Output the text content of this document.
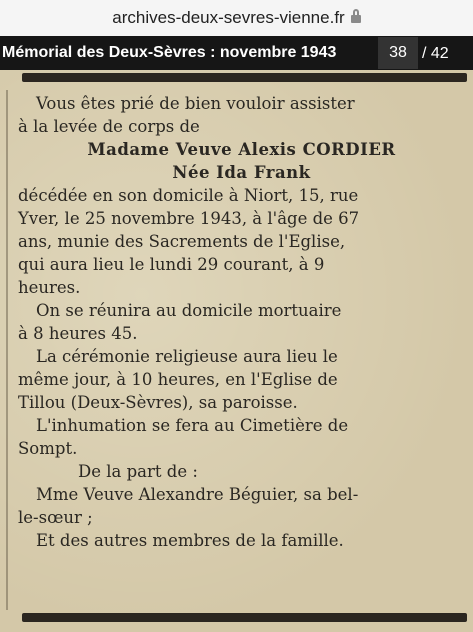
archives-deux-sevres-vienne.fr
Mémorial des Deux-Sèvres : novembre 1943	38 / 42
Vous êtes prié de bien vouloir assister
à la levée de corps de
Madame Veuve Alexis CORDIER
Née Ida Frank
décédée en son domicile à Niort, 15, rue
Yver, le 25 novembre 1943, à l'âge de 67
ans, munie des Sacrements de l'Eglise,
qui aura lieu le lundi 29 courant, à 9
heures.
On se réunira au domicile mortuaire
à 8 heures 45.
La cérémonie religieuse aura lieu le
même jour, à 10 heures, en l'Eglise de
Tillou (Deux-Sèvres), sa paroisse.
L'inhumation se fera au Cimetière de
Sompt.
De la part de :
Mme Veuve Alexandre Béguier, sa bel-
le-sœur ;
Et des autres membres de la famille.
